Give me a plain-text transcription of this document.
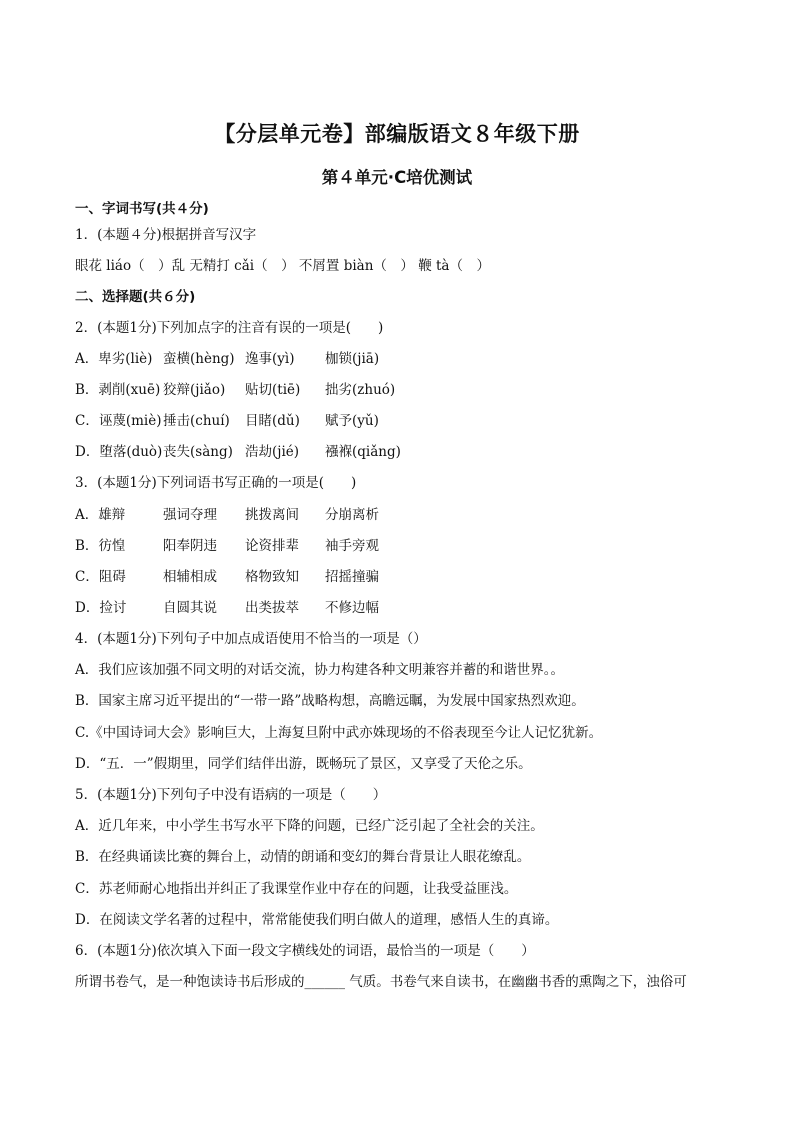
【分层单元卷】部编版语文８年级下册
第４单元·C培优测试
一、字词书写(共４分)
1．(本题４分)根据拼音写汉字
眼花 liáo（　）乱 无精打 cǎi（　） 不屑置 biàn（　） 鞭 tà（　）
二、选择题(共６分)
2．(本题1分)下列加点字的注音有误的一项是(　　)
A．卑劣(liè) 蛮横(hèng) 逸事(yì) 枷锁(jiā)
B．剥削(xuē) 狡辩(jiǎo) 贴切(tiē) 拙劣(zhuó)
C．诬蔑(miè) 捶击(chuí) 目睹(dǔ) 赋予(yǔ)
D．堕落(duò)丧失(sàng) 浩劫(jié) 襁褓(qiǎng)
3．(本题1分)下列词语书写正确的一项是(　　)
A．雄辩	强词夺理 挑拨离间 分崩离析
B．彷惶	阳奉阴违 论资排辈 袖手旁观
C．阻碍	相辅相成 格物致知 招摇撞骗
D．捡讨	自圆其说 出类拔萃 不修边幅
4．(本题1分)下列句子中加点成语使用不恰当的一项是（）
A．我们应该加强不同文明的对话交流，协力构建各种文明兼容并蓄的和谐世界。。
B．国家主席习近平提出的“一带一路”战略构想，高瞻远瞩，为发展中国家热烈欢迎。
C.《中国诗词大会》影响巨大，上海复旦附中武亦姝现场的不俗表现至今让人记忆犹新。
D．“五．一”假期里，同学们结伴出游，既畅玩了景区，又享受了天伦之乐。
5．(本题1分)下列句子中没有语病的一项是（　　）
A．近几年来，中小学生书写水平下降的问题，已经广泛引起了全社会的关注。
B．在经典诵读比赛的舞台上，动情的朗诵和变幻的舞台背景让人眼花缭乱。
C．苏老师耐心地指出并纠正了我课堂作业中存在的问题，让我受益匪浅。
D．在阅读文学名著的过程中，常常能使我们明白做人的道理，感悟人生的真谛。
6．(本题1分)依次填入下面一段文字横线处的词语，最恰当的一项是（　　）
所谓书卷气，是一种饱读诗书后形成的______ 气质。书卷气来自读书，在幽幽书香的熏陶之下，浊俗可
